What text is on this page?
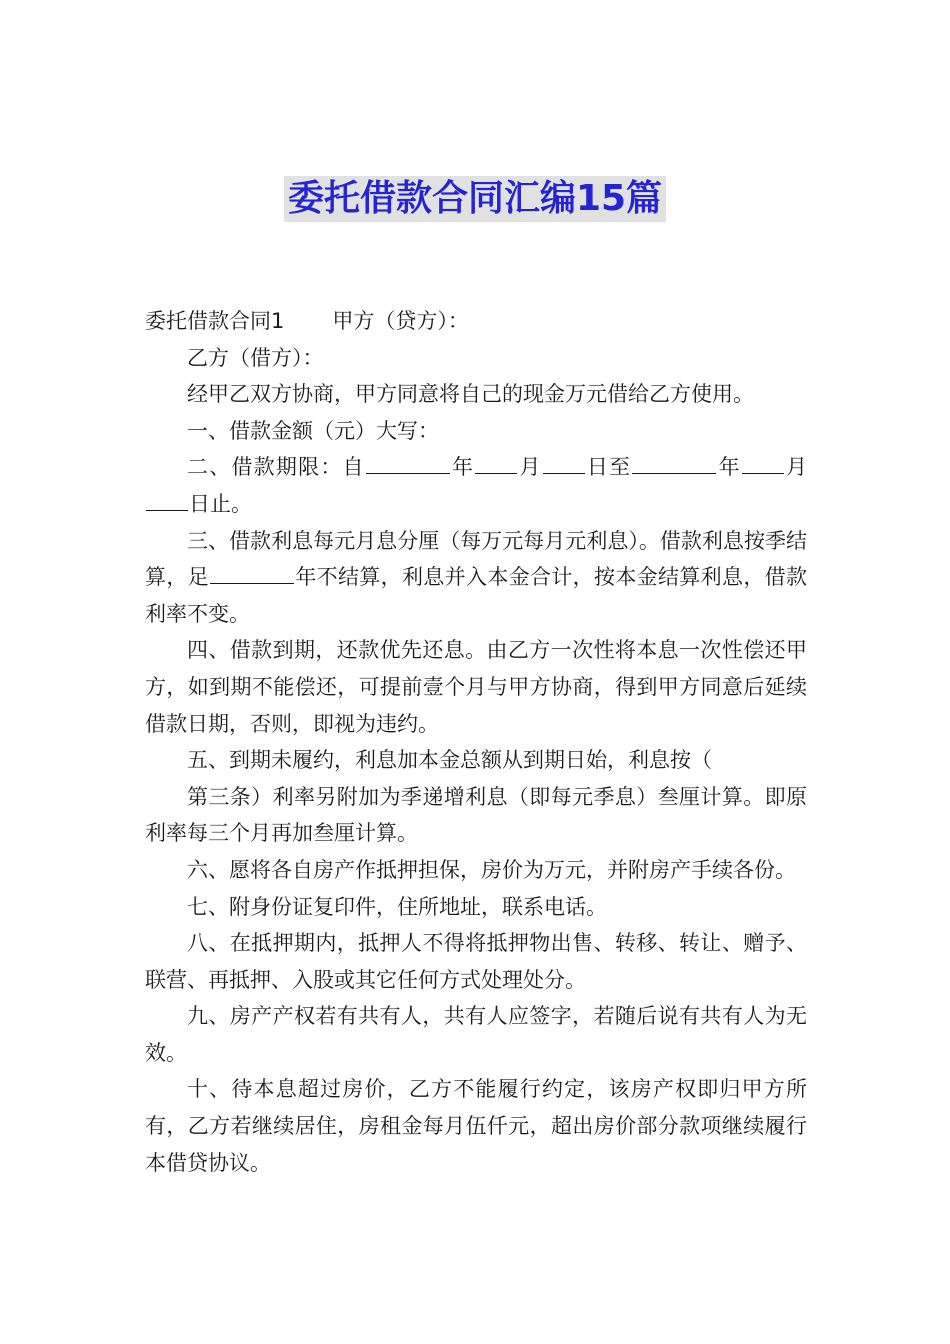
委托借款合同汇编15篇

委托借款合同1 甲方（贷方）：

乙方（借方）：

经甲乙双方协商，甲方同意将自己的现金万元借给乙方使用。

一、借款金额（元）大写：

二、借款期限：自	年 月 日至	年 月日止。

三、借款利息每元月息分厘（每万元每月元利息）。借款利息按季结算，足	年不结算，利息并入本金合计，按本金结算利息，借款利率不变。

四、借款到期，还款优先还息。由乙方一次性将本息一次性偿还甲方，如到期不能偿还，可提前壹个月与甲方协商，得到甲方同意后延续借款日期，否则，即视为违约。

五、到期未履约，利息加本金总额从到期日始，利息按（

第三条）利率另附加为季递增利息（即每元季息）叁厘计算。即原利率每三个月再加叁厘计算。

六、愿将各自房产作抵押担保，房价为万元，并附房产手续各份。

七、附身份证复印件，住所地址，联系电话。

八、在抵押期内，抵押人不得将抵押物出售、转移、转让、赠予、联营、再抵押、入股或其它任何方式处理处分。

九、房产产权若有共有人，共有人应签字，若随后说有共有人为无效。

十、待本息超过房价，乙方不能履行约定，该房产权即归甲方所有，乙方若继续居住，房租金每月伍仟元，超出房价部分款项继续履行本借贷协议。
